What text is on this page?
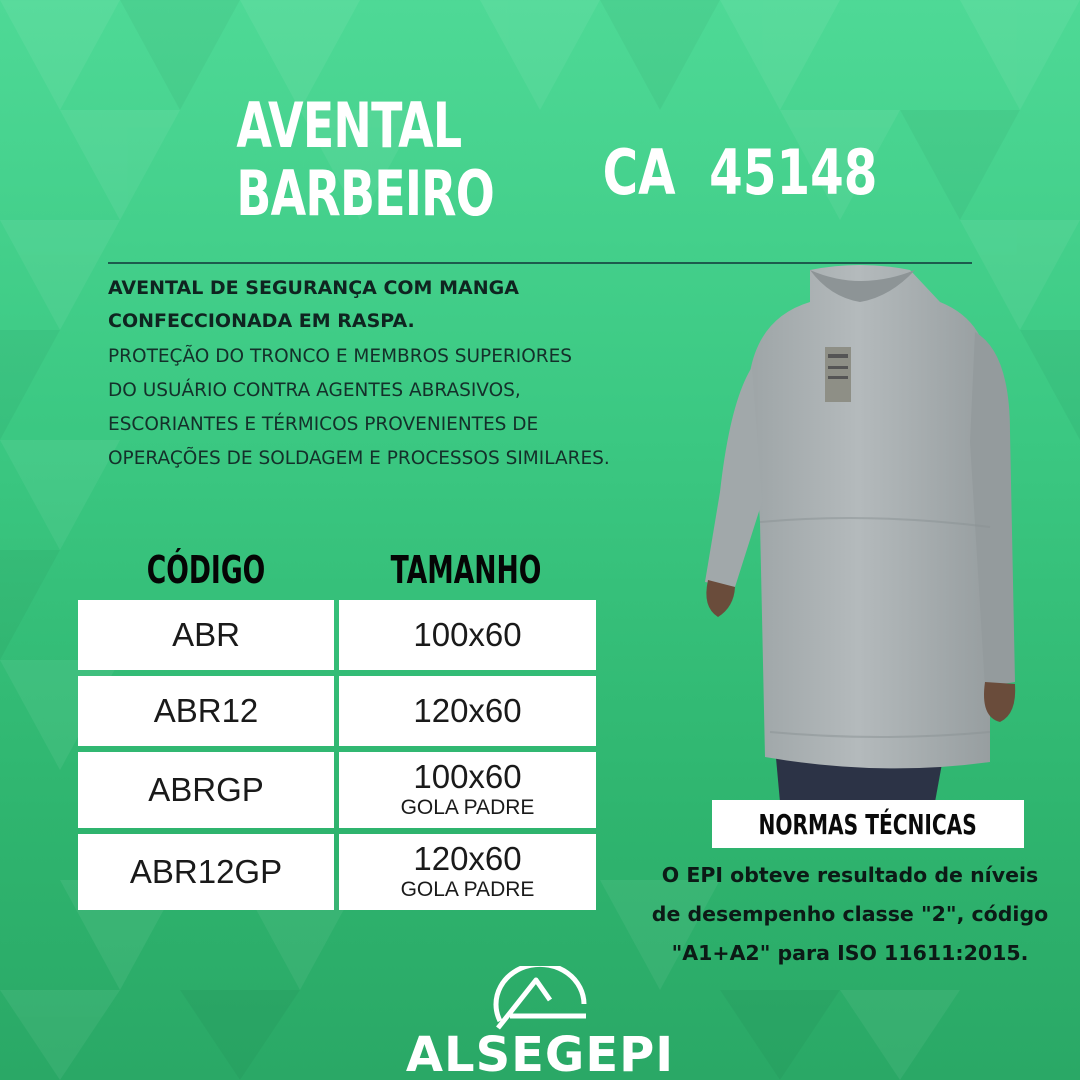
AVENTAL
BARBEIRO CA  45148
AVENTAL DE SEGURANÇA COM MANGA
CONFECCIONADA EM RASPA.
PROTEÇÃO DO TRONCO E MEMBROS SUPERIORES
DO USUÁRIO CONTRA AGENTES ABRASIVOS,
ESCORIANTES E TÉRMICOS PROVENIENTES DE
OPERAÇÕES DE SOLDAGEM E PROCESSOS SIMILARES.
CÓDIGO	TAMANHO
ABR	100x60
ABR12	120x60
ABRGP	100x60
GOLA PADRE
ABR12GP	120x60
GOLA PADRE
NORMAS TÉCNICAS
O EPI obteve resultado de níveis
de desempenho classe "2", código
"A1+A2" para ISO 11611:2015.
ALSEGEPI
